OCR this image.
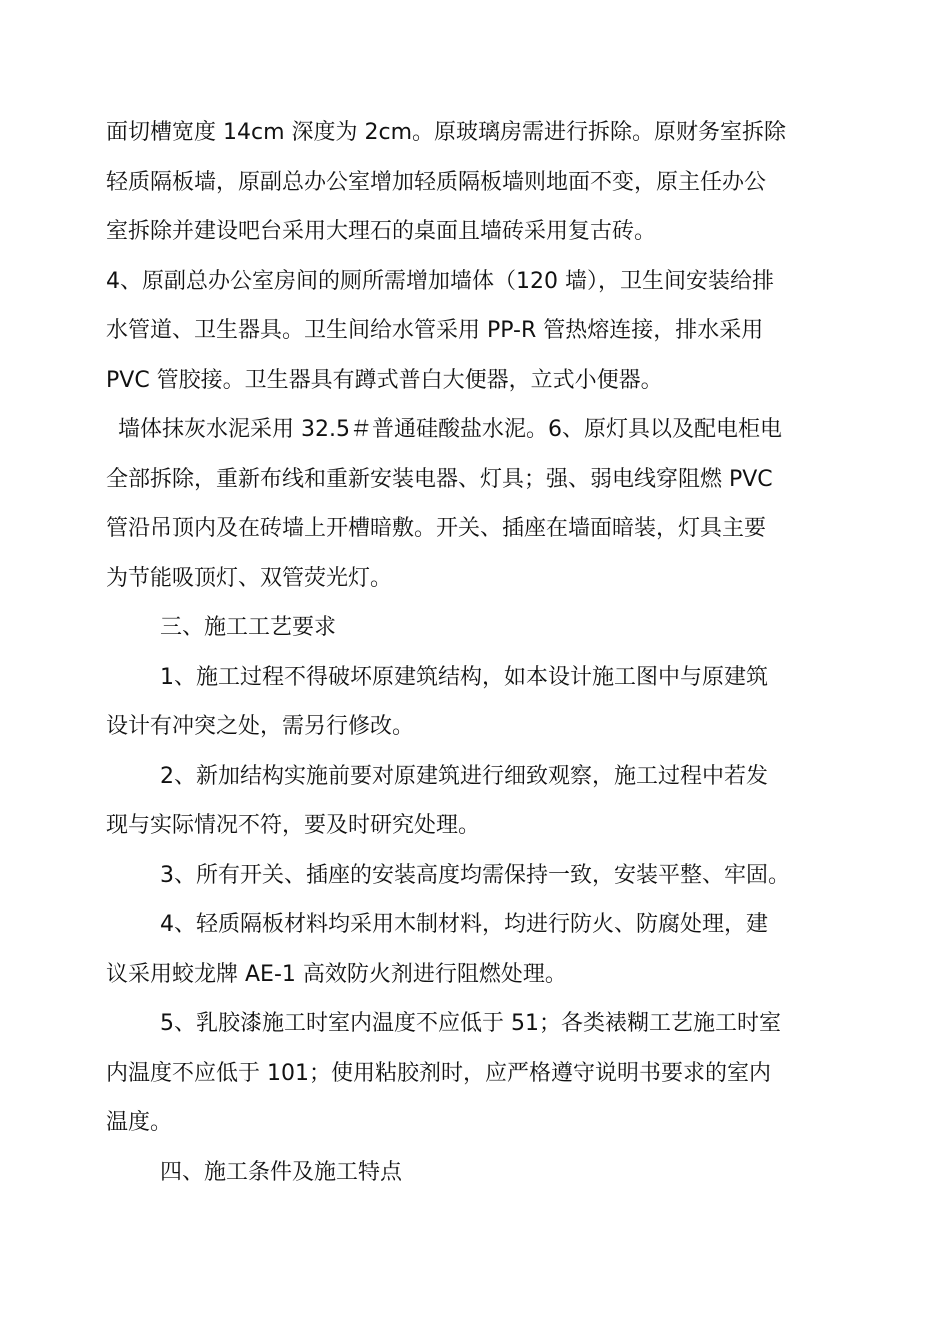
面切槽宽度 14cm 深度为 2cm。原玻璃房需进行拆除。原财务室拆除
轻质隔板墙，原副总办公室增加轻质隔板墙则地面不变，原主任办公
室拆除并建设吧台采用大理石的桌面且墙砖采用复古砖。
4、原副总办公室房间的厕所需增加墙体（120 墙），卫生间安装给排
水管道、卫生器具。卫生间给水管采用 PP-R 管热熔连接，排水采用
PVC 管胶接。卫生器具有蹲式普白大便器，立式小便器。
墙体抹灰水泥采用 32.5＃普通硅酸盐水泥。6、原灯具以及配电柜电
全部拆除，重新布线和重新安装电器、灯具；强、弱电线穿阻燃 PVC
管沿吊顶内及在砖墙上开槽暗敷。开关、插座在墙面暗装，灯具主要
为节能吸顶灯、双管荧光灯。
三、施工工艺要求
1、施工过程不得破坏原建筑结构，如本设计施工图中与原建筑
设计有冲突之处，需另行修改。
2、新加结构实施前要对原建筑进行细致观察，施工过程中若发
现与实际情况不符，要及时研究处理。
3、所有开关、插座的安装高度均需保持一致，安装平整、牢固。
4、轻质隔板材料均采用木制材料，均进行防火、防腐处理，建
议采用蛟龙牌 AE-1 高效防火剂进行阻燃处理。
5、乳胶漆施工时室内温度不应低于 51；各类裱糊工艺施工时室
内温度不应低于 101；使用粘胶剂时，应严格遵守说明书要求的室内
温度。
四、施工条件及施工特点
